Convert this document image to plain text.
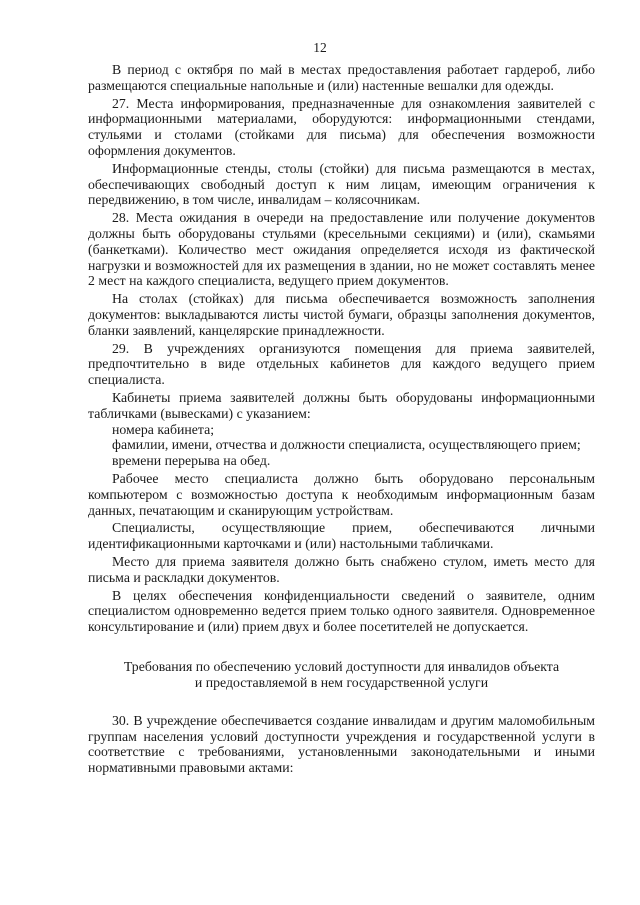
12

В период с октября по май в местах предоставления работает гардероб, либо размещаются специальные напольные и (или) настенные вешалки для одежды.

27. Места информирования, предназначенные для ознакомления заявителей с информационными материалами, оборудуются: информационными стендами, стульями и столами (стойками для письма) для обеспечения возможности оформления документов.

Информационные стенды, столы (стойки) для письма размещаются в местах, обеспечивающих свободный доступ к ним лицам, имеющим ограничения к передвижению, в том числе, инвалидам – колясочникам.

28. Места ожидания в очереди на предоставление или получение документов должны быть оборудованы стульями (кресельными секциями) и (или), скамьями (банкетками). Количество мест ожидания определяется исходя из фактической нагрузки и возможностей для их размещения в здании, но не может составлять менее 2 мест на каждого специалиста, ведущего прием документов.

На столах (стойках) для письма обеспечивается возможность заполнения документов: выкладываются листы чистой бумаги, образцы заполнения документов, бланки заявлений, канцелярские принадлежности.

29. В учреждениях организуются помещения для приема заявителей, предпочтительно в виде отдельных кабинетов для каждого ведущего прием специалиста.

Кабинеты приема заявителей должны быть оборудованы информационными табличками (вывесками) с указанием:

номера кабинета;

фамилии, имени, отчества и должности специалиста, осуществляющего прием;

времени перерыва на обед.

Рабочее место специалиста должно быть оборудовано персональным компьютером с возможностью доступа к необходимым информационным базам данных, печатающим и сканирующим устройствам.

Специалисты, осуществляющие прием, обеспечиваются личными идентификационными карточками и (или) настольными табличками.

Место для приема заявителя должно быть снабжено стулом, иметь место для письма и раскладки документов.

В целях обеспечения конфиденциальности сведений о заявителе, одним специалистом одновременно ведется прием только одного заявителя. Одновременное консультирование и (или) прием двух и более посетителей не допускается.

Требования по обеспечению условий доступности для инвалидов объекта
и предоставляемой в нем государственной услуги

30. В учреждение обеспечивается создание инвалидам и другим маломобильным группам населения условий доступности учреждения и государственной услуги в соответствие с требованиями, установленными законодательными и иными нормативными правовыми актами:
